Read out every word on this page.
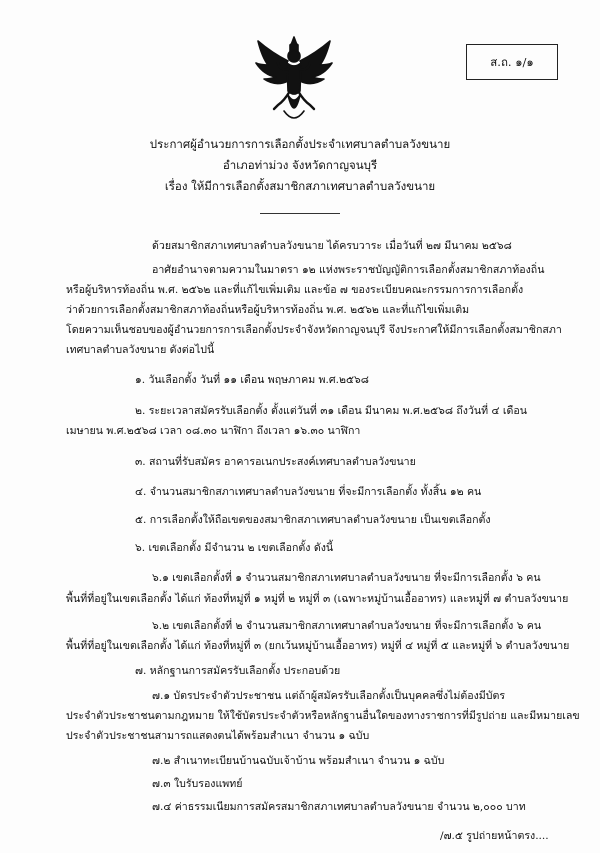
ส.ถ. ๑/๑
ประกาศผู้อำนวยการการเลือกตั้งประจำเทศบาลตำบลวังขนาย
อำเภอท่าม่วง จังหวัดกาญจนบุรี
เรื่อง ให้มีการเลือกตั้งสมาชิกสภาเทศบาลตำบลวังขนาย
ด้วยสมาชิกสภาเทศบาลตำบลวังขนาย ได้ครบวาระ เมื่อวันที่ ๒๗ มีนาคม ๒๕๖๘
อาศัยอำนาจตามความในมาตรา ๑๒ แห่งพระราชบัญญัติการเลือกตั้งสมาชิกสภาท้องถิ่น
หรือผู้บริหารท้องถิ่น พ.ศ. ๒๕๖๒ และที่แก้ไขเพิ่มเติม และข้อ ๗ ของระเบียบคณะกรรมการการเลือกตั้ง
ว่าด้วยการเลือกตั้งสมาชิกสภาท้องถิ่นหรือผู้บริหารท้องถิ่น พ.ศ. ๒๕๖๒ และที่แก้ไขเพิ่มเติม
โดยความเห็นชอบของผู้อำนวยการการเลือกตั้งประจำจังหวัดกาญจนบุรี จึงประกาศให้มีการเลือกตั้งสมาชิกสภา
เทศบาลตำบลวังขนาย ดังต่อไปนี้
๑. วันเลือกตั้ง วันที่ ๑๑ เดือน พฤษภาคม พ.ศ.๒๕๖๘
๒. ระยะเวลาสมัครรับเลือกตั้ง ตั้งแต่วันที่ ๓๑ เดือน มีนาคม พ.ศ.๒๕๖๘ ถึงวันที่ ๔ เดือน
เมษายน พ.ศ.๒๕๖๘ เวลา ๐๘.๓๐ นาฬิกา ถึงเวลา ๑๖.๓๐ นาฬิกา
๓. สถานที่รับสมัคร อาคารอเนกประสงค์เทศบาลตำบลวังขนาย
๔. จำนวนสมาชิกสภาเทศบาลตำบลวังขนาย ที่จะมีการเลือกตั้ง ทั้งสิ้น ๑๒ คน
๕. การเลือกตั้งให้ถือเขตของสมาชิกสภาเทศบาลตำบลวังขนาย เป็นเขตเลือกตั้ง
๖. เขตเลือกตั้ง มีจำนวน ๒ เขตเลือกตั้ง ดังนี้
๖.๑ เขตเลือกตั้งที่ ๑ จำนวนสมาชิกสภาเทศบาลตำบลวังขนาย ที่จะมีการเลือกตั้ง ๖ คน
พื้นที่ที่อยู่ในเขตเลือกตั้ง ได้แก่ ท้องที่หมู่ที่ ๑ หมู่ที่ ๒ หมู่ที่ ๓ (เฉพาะหมู่บ้านเอื้ออาทร) และหมู่ที่ ๗ ตำบลวังขนาย
๖.๒ เขตเลือกตั้งที่ ๒ จำนวนสมาชิกสภาเทศบาลตำบลวังขนาย ที่จะมีการเลือกตั้ง ๖ คน
พื้นที่ที่อยู่ในเขตเลือกตั้ง ได้แก่ ท้องที่หมู่ที่ ๓ (ยกเว้นหมู่บ้านเอื้ออาทร) หมู่ที่ ๔ หมู่ที่ ๕ และหมู่ที่ ๖ ตำบลวังขนาย
๗. หลักฐานการสมัครรับเลือกตั้ง ประกอบด้วย
๗.๑ บัตรประจำตัวประชาชน แต่ถ้าผู้สมัครรับเลือกตั้งเป็นบุคคลซึ่งไม่ต้องมีบัตร
ประจำตัวประชาชนตามกฎหมาย ให้ใช้บัตรประจำตัวหรือหลักฐานอื่นใดของทางราชการที่มีรูปถ่าย และมีหมายเลข
ประจำตัวประชาชนสามารถแสดงตนได้พร้อมสำเนา จำนวน ๑ ฉบับ
๗.๒ สำเนาทะเบียนบ้านฉบับเจ้าบ้าน พร้อมสำเนา จำนวน ๑ ฉบับ
๗.๓ ใบรับรองแพทย์
๗.๔ ค่าธรรมเนียมการสมัครสมาชิกสภาเทศบาลตำบลวังขนาย จำนวน ๒,๐๐๐ บาท
/๗.๕ รูปถ่ายหน้าตรง....
